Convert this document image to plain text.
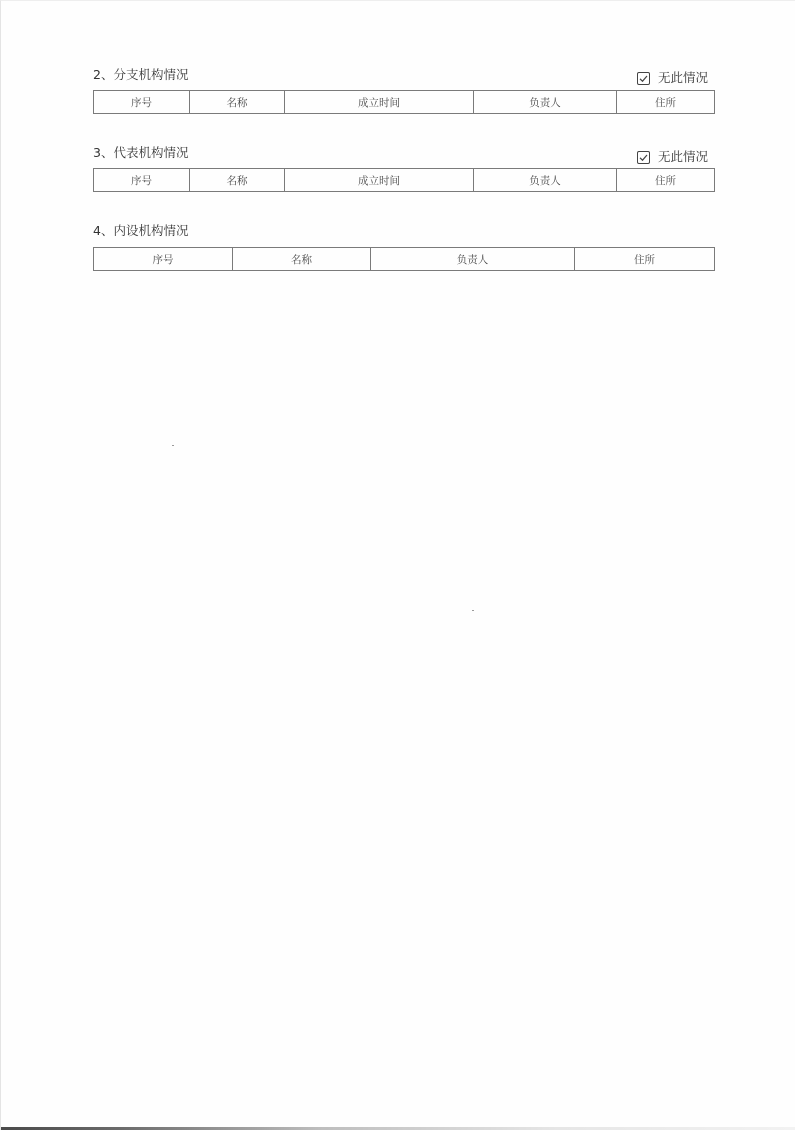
2、分支机构情况	无此情况
序号	名称	成立时间	负责人	住所
3、代表机构情况	无此情况
序号	名称	成立时间	负责人	住所
4、内设机构情况
序号	名称	负责人	住所
